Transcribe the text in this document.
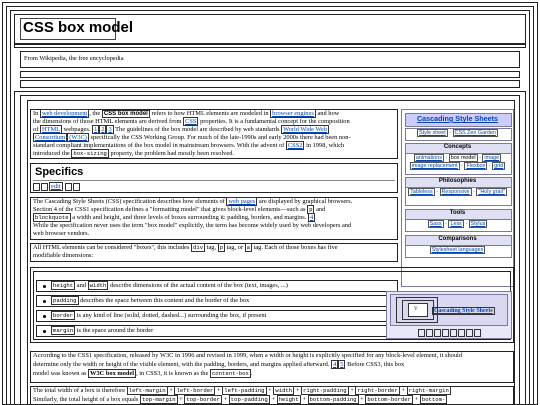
CSS box model
From Wikipedia, the free encyclopedia
In web development , the CSS box model refers to how HTML elements are modeled in browser engines and how
the dimensions of those HTML elements are derived from CSS properties. It is a fundamental concept for the composition
of HTML webpages. 1 2 3 The guidelines of the box model are described by web standards World Wide Web
Consortium (W3C) specifically the CSS Working Group. For much of the late-1990s and early 2000s there had been non-
standard compliant implementations of the box model in mainstream browsers. With the advent of CSS2 in 1998, which
introduced the box-sizing property, the problem had mostly been resolved.
Cascading Style Sheets
Style sheet · CSS Zen Garden
Concepts
animations · box model · image
image replacement · Flexbox · grid
Philosophies
Tableless · Responsive · "Holy grail"
Tools
Sass · Less · Stylus
Comparisons
Stylesheet languages
Specifics
edit
The Cascading Style Sheets (CSS) specification describes how elements of web pages are displayed by graphical browsers.
Section 4 of the CSS1 specification defines a "formatting model" that gives block-level elements—such as p and
blockquote a width and height, and three levels of boxes surrounding it: padding, borders, and margins. 4
While the specification never uses the term "box model" explicitly, the term has become widely used by web developers and
web browser vendors.
All HTML elements can be considered "boxes", this includes div tag, p tag, or a tag. Each of those boxes has five
modifiable dimensions:
height and width describe dimensions of the actual content of the box (text, images, ...)
padding describes the space between this content and the border of the box
border is any kind of line (solid, dotted, dashed...) surrounding the box, if present
margin is the space around the border
V	Cascading Style Sheets
According to the CSS1 specification, released by W3C in 1996 and revised in 1999, when a width or height is explicitly specified for any block-level element, it should
determine only the width or height of the visible element, with the padding, borders, and margins applied afterward. 4 5 Before CSS3, this box
model was known as W3C box model , in CSS3, it is known as the content-box .
The total width of a box is therefore left-margin + left-border + left-padding + width + right-padding + right-border + right-margin
Similarly, the total height of a box equals top-margin + top-border + top-padding + height + bottom-padding + bottom-border + bottom-
